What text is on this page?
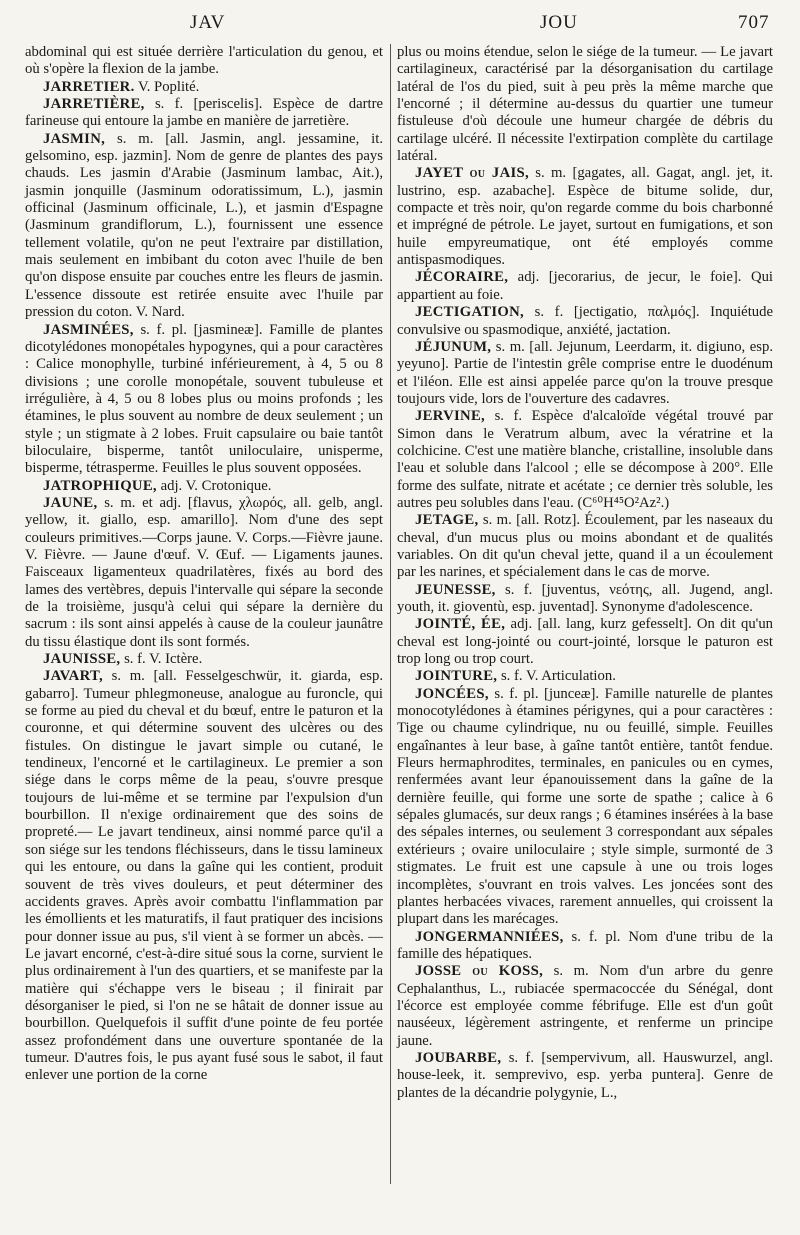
JAV	JOU	707

abdominal qui est située derrière l'articulation du genou, et où s'opère la flexion de la jambe.

JARRETIER. V. Poplité.

JARRETIÈRE, s. f. [periscelis]. Espèce de dartre farineuse qui entoure la jambe en manière de jarretière.

JASMIN, s. m. [all. Jasmin, angl. jessamine, it. gelsomino, esp. jazmin]. Nom de genre de plantes des pays chauds. Les jasmin d'Arabie (Jasminum lambac, Ait.), jasmin jonquille (Jasminum odoratissimum, L.), jasmin officinal (Jasminum officinale, L.), et jasmin d'Espagne (Jasminum grandiflorum, L.), fournissent une essence tellement volatile, qu'on ne peut l'extraire par distillation, mais seulement en imbibant du coton avec l'huile de ben qu'on dispose ensuite par couches entre les fleurs de jasmin. L'essence dissoute est retirée ensuite avec l'huile par pression du coton. V. Nard.

JASMINÉES, s. f. pl. [jasmineæ]. Famille de plantes dicotylédones monopétales hypogynes, qui a pour caractères : Calice monophylle, turbiné inférieurement, à 4, 5 ou 8 divisions ; une corolle monopétale, souvent tubuleuse et irrégulière, à 4, 5 ou 8 lobes plus ou moins profonds ; les étamines, le plus souvent au nombre de deux seulement ; un style ; un stigmate à 2 lobes. Fruit capsulaire ou baie tantôt biloculaire, bisperme, tantôt uniloculaire, unisperme, bisperme, tétrasperme. Feuilles le plus souvent opposées.

JATROPHIQUE, adj. V. Crotonique.

JAUNE, s. m. et adj. [flavus, χλωρός, all. gelb, angl. yellow, it. giallo, esp. amarillo]. Nom d'une des sept couleurs primitives.—Corps jaune. V. Corps.—Fièvre jaune. V. Fièvre. — Jaune d'œuf. V. Œuf. — Ligaments jaunes. Faisceaux ligamenteux quadrilatères, fixés au bord des lames des vertèbres, depuis l'intervalle qui sépare la seconde de la troisième, jusqu'à celui qui sépare la dernière du sacrum : ils sont ainsi appelés à cause de la couleur jaunâtre du tissu élastique dont ils sont formés.

JAUNISSE, s. f. V. Ictère.

JAVART, s. m. [all. Fesselgeschwür, it. giarda, esp. gabarro]. Tumeur phlegmoneuse, analogue au furoncle, qui se forme au pied du cheval et du bœuf, entre le paturon et la couronne, et qui détermine souvent des ulcères ou des fistules. On distingue le javart simple ou cutané, le tendineux, l'encorné et le cartilagineux. Le premier a son siége dans le corps même de la peau, s'ouvre presque toujours de lui-même et se termine par l'expulsion d'un bourbillon. Il n'exige ordinairement que des soins de propreté.— Le javart tendineux, ainsi nommé parce qu'il a son siége sur les tendons fléchisseurs, dans le tissu lamineux qui les entoure, ou dans la gaîne qui les contient, produit souvent de très vives douleurs, et peut déterminer des accidents graves. Après avoir combattu l'inflammation par les émollients et les maturatifs, il faut pratiquer des incisions pour donner issue au pus, s'il vient à se former un abcès. — Le javart encorné, c'est-à-dire situé sous la corne, survient le plus ordinairement à l'un des quartiers, et se manifeste par la matière qui s'échappe vers le biseau ; il finirait par désorganiser le pied, si l'on ne se hâtait de donner issue au bourbillon. Quelquefois il suffit d'une pointe de feu portée assez profondément dans une ouverture spontanée de la tumeur. D'autres fois, le pus ayant fusé sous le sabot, il faut enlever une portion de la corne

plus ou moins étendue, selon le siége de la tumeur. — Le javart cartilagineux, caractérisé par la désorganisation du cartilage latéral de l'os du pied, suit à peu près la même marche que l'encorné ; il détermine au-dessus du quartier une tumeur fistuleuse d'où découle une humeur chargée de débris du cartilage ulcéré. Il nécessite l'extirpation complète du cartilage latéral.

JAYET ou JAIS, s. m. [gagates, all. Gagat, angl. jet, it. lustrino, esp. azabache]. Espèce de bitume solide, dur, compacte et très noir, qu'on regarde comme du bois charbonné et imprégné de pétrole. Le jayet, surtout en fumigations, et son huile empyreumatique, ont été employés comme antispasmodiques.

JÉCORAIRE, adj. [jecorarius, de jecur, le foie]. Qui appartient au foie.

JECTIGATION, s. f. [jectigatio, παλμός]. Inquiétude convulsive ou spasmodique, anxiété, jactation.

JÉJUNUM, s. m. [all. Jejunum, Leerdarm, it. digiuno, esp. yeyuno]. Partie de l'intestin grêle comprise entre le duodénum et l'iléon. Elle est ainsi appelée parce qu'on la trouve presque toujours vide, lors de l'ouverture des cadavres.

JERVINE, s. f. Espèce d'alcaloïde végétal trouvé par Simon dans le Veratrum album, avec la vératrine et la colchicine. C'est une matière blanche, cristalline, insoluble dans l'eau et soluble dans l'alcool ; elle se décompose à 200°. Elle forme des sulfate, nitrate et acétate ; ce dernier très soluble, les autres peu solubles dans l'eau. (C⁶⁰H⁴⁵O²Az².)

JETAGE, s. m. [all. Rotz]. Écoulement, par les naseaux du cheval, d'un mucus plus ou moins abondant et de qualités variables. On dit qu'un cheval jette, quand il a un écoulement par les narines, et spécialement dans le cas de morve.

JEUNESSE, s. f. [juventus, νεότης, all. Jugend, angl. youth, it. gioventù, esp. juventad]. Synonyme d'adolescence.

JOINTÉ, ÉE, adj. [all. lang, kurz gefesselt]. On dit qu'un cheval est long-jointé ou court-jointé, lorsque le paturon est trop long ou trop court.

JOINTURE, s. f. V. Articulation.

JONCÉES, s. f. pl. [junceæ]. Famille naturelle de plantes monocotylédones à étamines périgynes, qui a pour caractères : Tige ou chaume cylindrique, nu ou feuillé, simple. Feuilles engaînantes à leur base, à gaîne tantôt entière, tantôt fendue. Fleurs hermaphrodites, terminales, en panicules ou en cymes, renfermées avant leur épanouissement dans la gaîne de la dernière feuille, qui forme une sorte de spathe ; calice à 6 sépales glumacés, sur deux rangs ; 6 étamines insérées à la base des sépales internes, ou seulement 3 correspondant aux sépales extérieurs ; ovaire uniloculaire ; style simple, surmonté de 3 stigmates. Le fruit est une capsule à une ou trois loges incomplètes, s'ouvrant en trois valves. Les joncées sont des plantes herbacées vivaces, rarement annuelles, qui croissent la plupart dans les marécages.

JONGERMANNIÉES, s. f. pl. Nom d'une tribu de la famille des hépatiques.

JOSSE ou KOSS, s. m. Nom d'un arbre du genre Cephalanthus, L., rubiacée spermacoccée du Sénégal, dont l'écorce est employée comme fébrifuge. Elle est d'un goût nauséeux, légèrement astringente, et renferme un principe jaune.

JOUBARBE, s. f. [sempervivum, all. Hauswurzel, angl. house-leek, it. semprevivo, esp. yerba puntera]. Genre de plantes de la décandrie polygynie, L.,
